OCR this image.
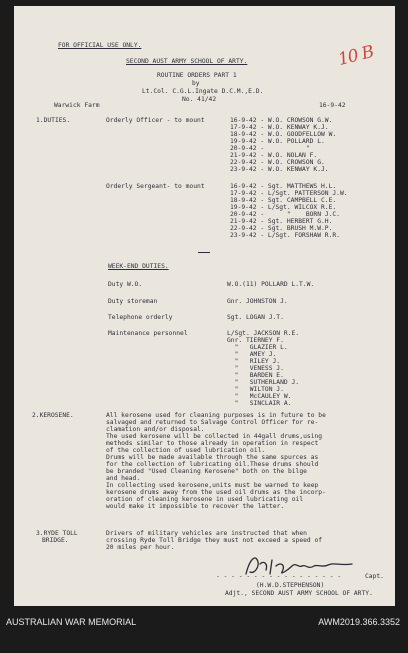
FOR OFFICIAL USE ONLY.
SECOND AUST ARMY SCHOOL OF ARTY.
ROUTINE ORDERS PART 1
by
Lt.Col. C.G.L.Ingate D.C.M.,E.D.
No. 41/42
Warwick Farm	16-9-42
10 B
1.DUTIES.	Orderly Officer - to mount	16-9-42 - W.O. CROWSON G.W.
17-9-42 - W.O. KENWAY K.J.
18-9-42 - W.O. GOODFELLOW W.
19-9-42 - W.O. POLLARD L.
20-9-42 -           "
21-9-42 - W.O. NOLAN F.
22-9-42 - W.O. CROWSON G.
23-9-42 - W.O. KENWAY K.J.
Orderly Sergeant- to mount	16-9-42 - Sgt. MATTHEWS H.L.
17-9-42 - L/Sgt. PATTERSON J.W.
18-9-42 - Sgt. CAMPBELL C.E.
19-9-42 - L/Sgt. WILCOX R.E.
20-9-42 -      "    BORN J.C.
21-9-42 - Sgt. HERBERT G.H.
22-9-42 - Sgt. BRUSH M.W.P.
23-9-42 - L/Sgt. FORSHAW R.R.
WEEK-END DUTIES.
Duty W.O.	W.O.(11) POLLARD L.T.W.
Duty storeman	Gnr. JOHNSTON J.
Telephone orderly	Sgt. LOGAN J.T.
Maintenance personnel	L/Sgt. JACKSON R.E.
Gnr. TIERNEY F.
"   GLAZIER L.
"   AMEY J.
"   RILEY J.
"   VENESS J.
"   BARDEN E.
"   SUTHERLAND J.
"   WILTON J.
"   McCAULEY W.
"   SINCLAIR A.
2.KEROSENE.	All kerosene used for cleaning purposes is in future to be
salvaged and returned to Salvage Control Officer for re-
clamation and/or disposal.
The used kerosene will be collected in 44gall drums,using
methods similar to those already in operation in respect
of the collection of used lubrication oil.
Drums will be made available through the same spurces as
for the collection of lubricating oil.These drums should
be branded "Used Cleaning Kerosene" both on the bilge
and head.
In collecting used kerosene,units must be warned to keep
kerosene drums away from the used oil drums as the incorp-
oration of cleaning kerosene in used lubricating oil
would make it impossible to recover the latter.
3.RYDE TOLL
BRIDGE.
Drivers of military vehicles are instructed that when
crossing Ryde Toll Bridge they must not exceed a speed of
20 miles per hour.
- - - - - - - - - - - - - - - - -	Capt.
(H.W.D.STEPHENSON)
Adjt., SECOND AUST ARMY SCHOOL OF ARTY.
AUSTRALIAN WAR MEMORIAL	AWM2019.366.3352
